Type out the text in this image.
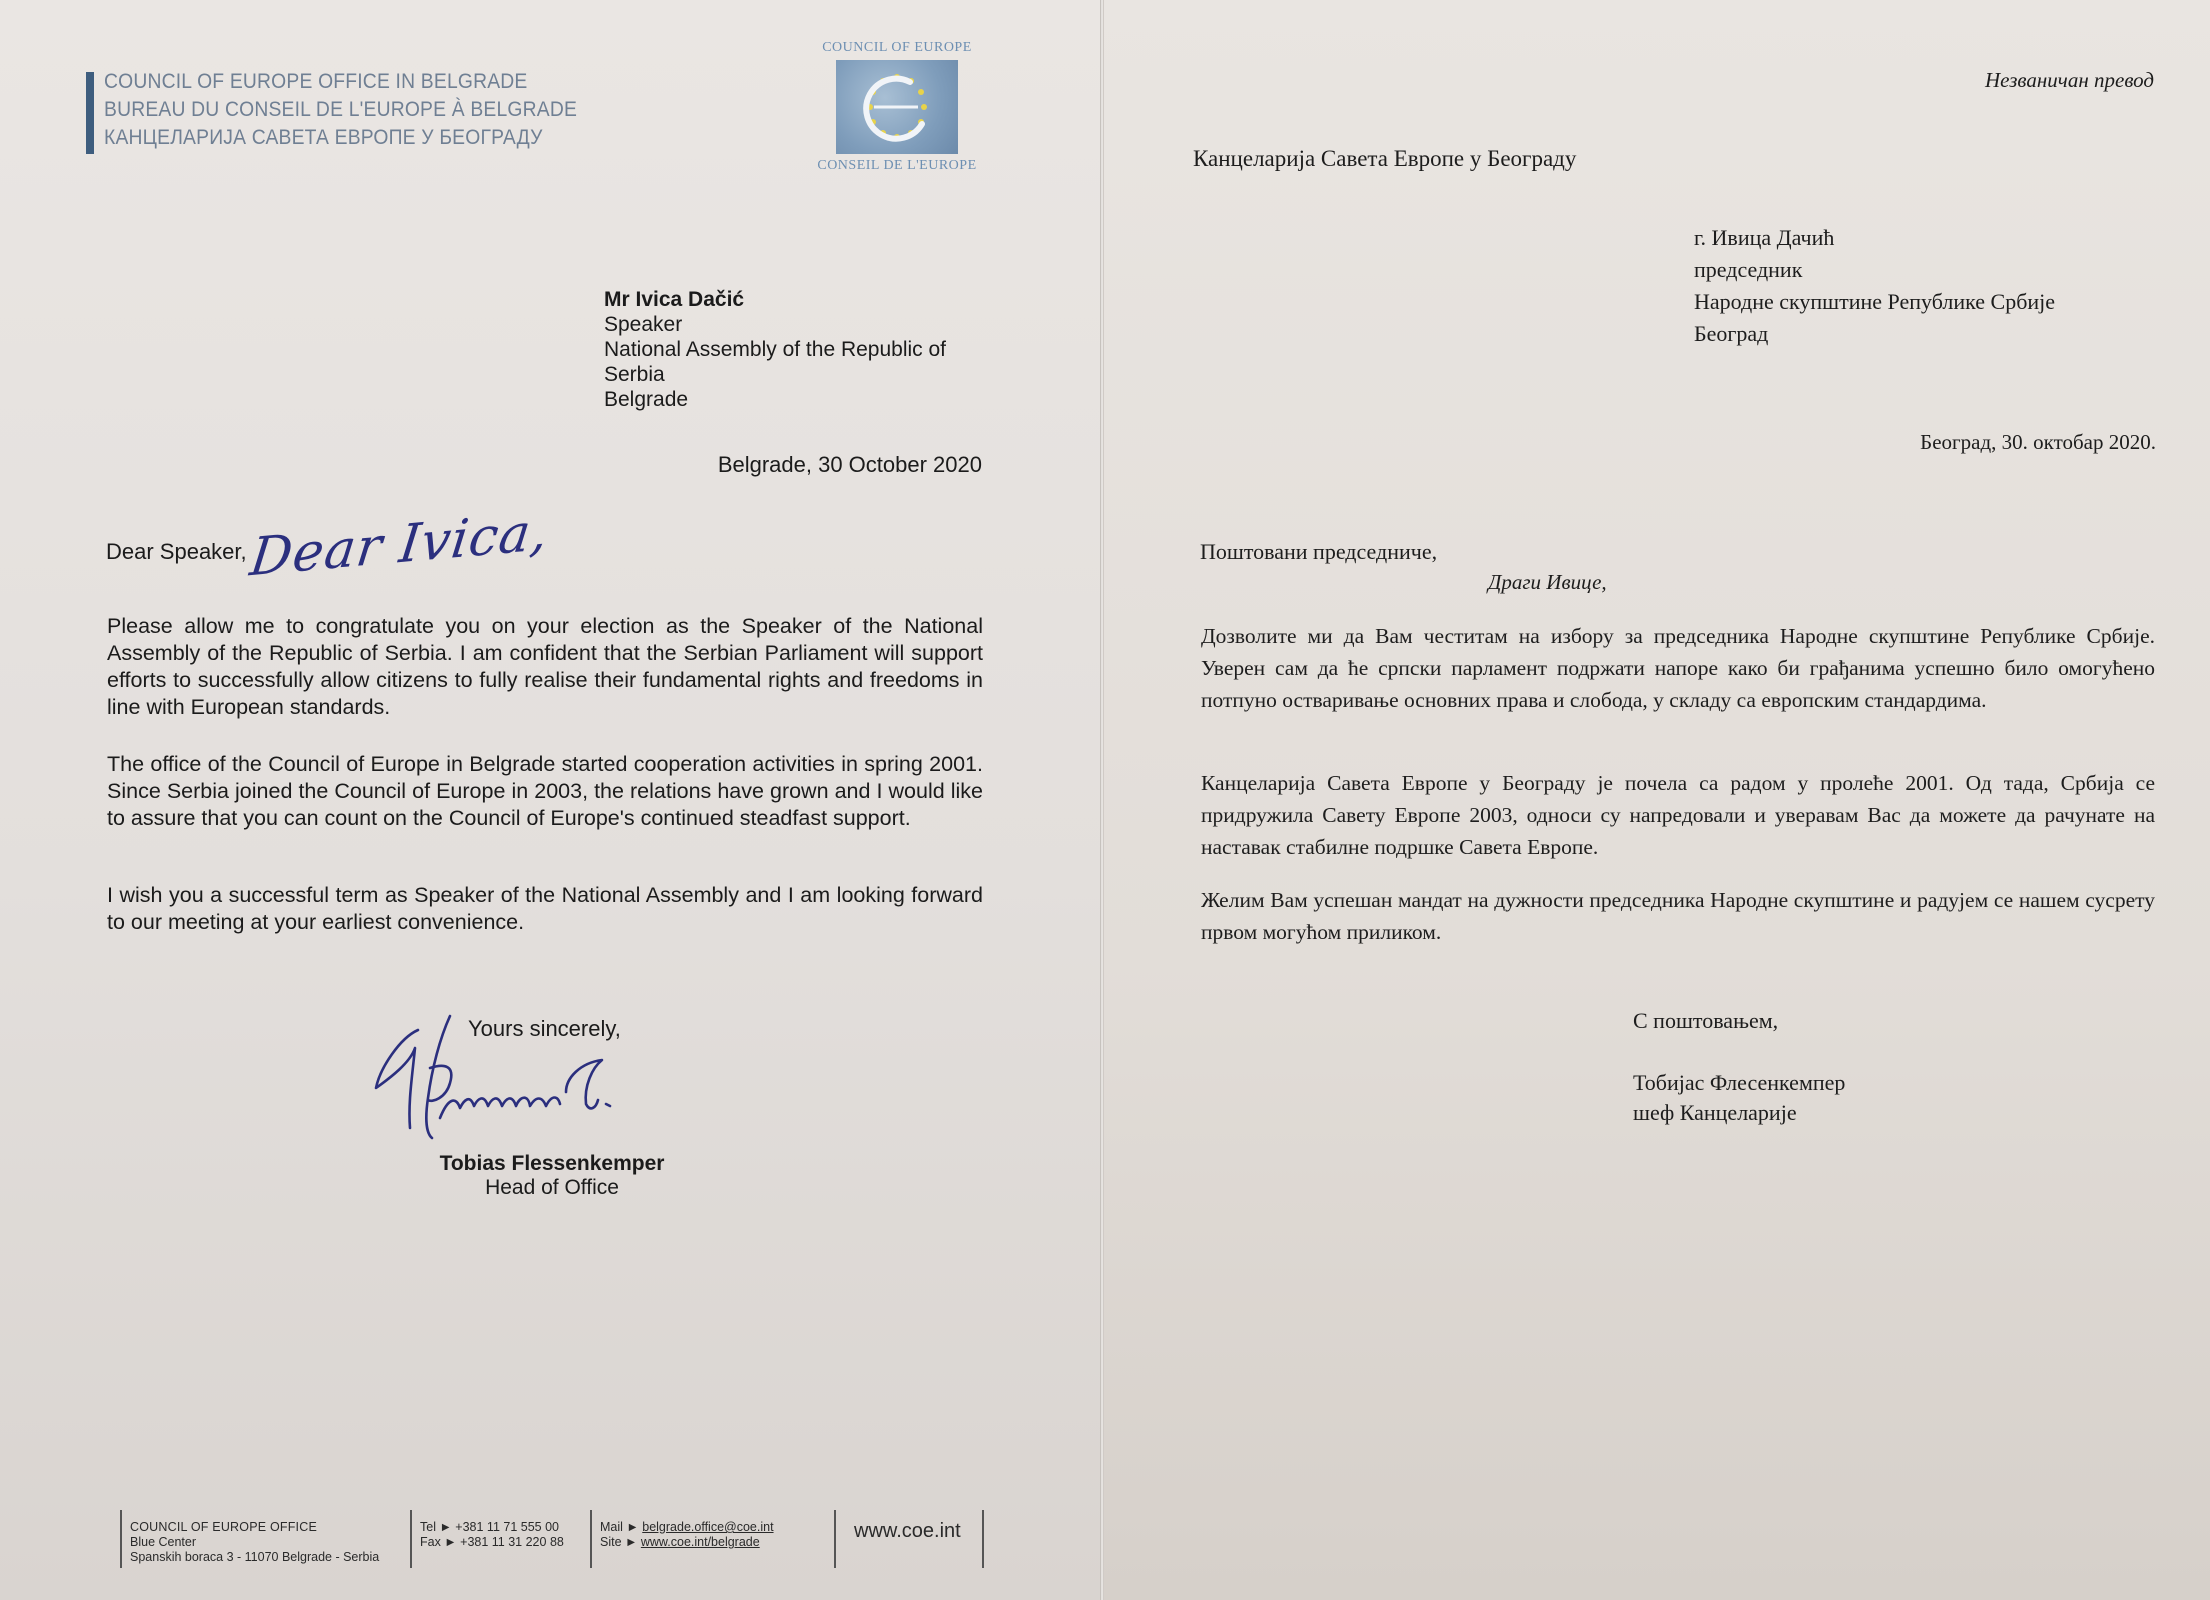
COUNCIL OF EUROPE OFFICE IN BELGRADE
BUREAU DU CONSEIL DE L'EUROPE À BELGRADE
КАНЦЕЛАРИЈА САВЕТА ЕВРОПЕ У БЕОГРАДУ
COUNCIL OF EUROPE
CONSEIL DE L'EUROPE
Mr Ivica Dačić
Speaker
National Assembly of the Republic of
Serbia
Belgrade
Belgrade, 30 October 2020
Dear Speaker, Dear Ivica,
Please allow me to congratulate you on your election as the Speaker of the National Assembly of the Republic of Serbia. I am confident that the Serbian Parliament will support efforts to successfully allow citizens to fully realise their fundamental rights and freedoms in line with European standards.
The office of the Council of Europe in Belgrade started cooperation activities in spring 2001. Since Serbia joined the Council of Europe in 2003, the relations have grown and I would like to assure that you can count on the Council of Europe's continued steadfast support.
I wish you a successful term as Speaker of the National Assembly and I am looking forward to our meeting at your earliest convenience.
Yours sincerely,
Tobias Flessenkemper
Head of Office
COUNCIL OF EUROPE OFFICE
Blue Center
Spanskih boraca 3 - 11070 Belgrade - Serbia
Tel ► +381 11 71 555 00
Fax ► +381 11 31 220 88
Mail ► belgrade.office@coe.int
Site ► www.coe.int/belgrade	www.coe.int
Незваничан превод
Канцеларија Савета Европе у Београду
г. Ивица Дачић
председник
Народне скупштине Републике Србије
Београд
Београд, 30. октобар 2020.
Поштовани председниче,
Драги Ивице,
Дозволите ми да Вам честитам на избору за председника Народне скупштине Републике Србије. Уверен сам да ће српски парламент подржати напоре како би грађанима успешно било омогућено потпуно остваривање основних права и слобода, у складу са европским стандардима.
Канцеларија Савета Европе у Београду је почела са радом у пролеће 2001. Од тада, Србија се придружила Савету Европе 2003, односи су напредовали и уверавам Вас да можете да рачунате на наставак стабилне подршке Савета Европе.
Желим Вам успешан мандат на дужности председника Народне скупштине и радујем се нашем сусрету првом могућом приликом.
С поштовањем,
Тобијас Флесенкемпер
шеф Канцеларије
